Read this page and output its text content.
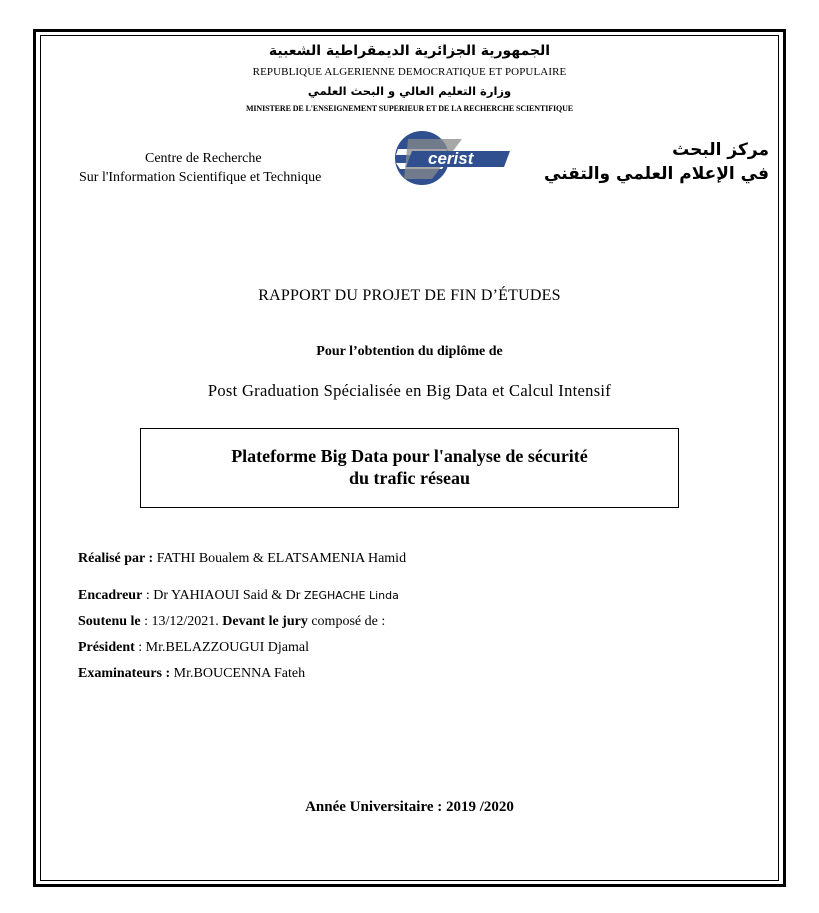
الجمهورية الجزائرية الديمقراطية الشعبية
REPUBLIQUE ALGERIENNE DEMOCRATIQUE ET POPULAIRE
وزارة التعليم العالي و البحث العلمي
MINISTERE DE L'ENSEIGNEMENT SUPERIEUR ET DE LA RECHERCHE SCIENTIFIQUE
Centre de Recherche
Sur l'Information Scientifique et Technique
cerist	مركز البحث
في الإعلام العلمي والتقني
RAPPORT DU PROJET DE FIN D’ÉTUDES
Pour l’obtention du diplôme de
Post Graduation Spécialisée en Big Data et Calcul Intensif
Plateforme Big Data pour l'analyse de sécurité
du trafic réseau
Réalisé par : FATHI Boualem & ELATSAMENIA Hamid
Encadreur : Dr YAHIAOUI Said & Dr ZEGHACHE Linda
Soutenu le : 13/12/2021. Devant le jury composé de :
Président : Mr.BELAZZOUGUI Djamal
Examinateurs : Mr.BOUCENNA Fateh
Année Universitaire : 2019 /2020
